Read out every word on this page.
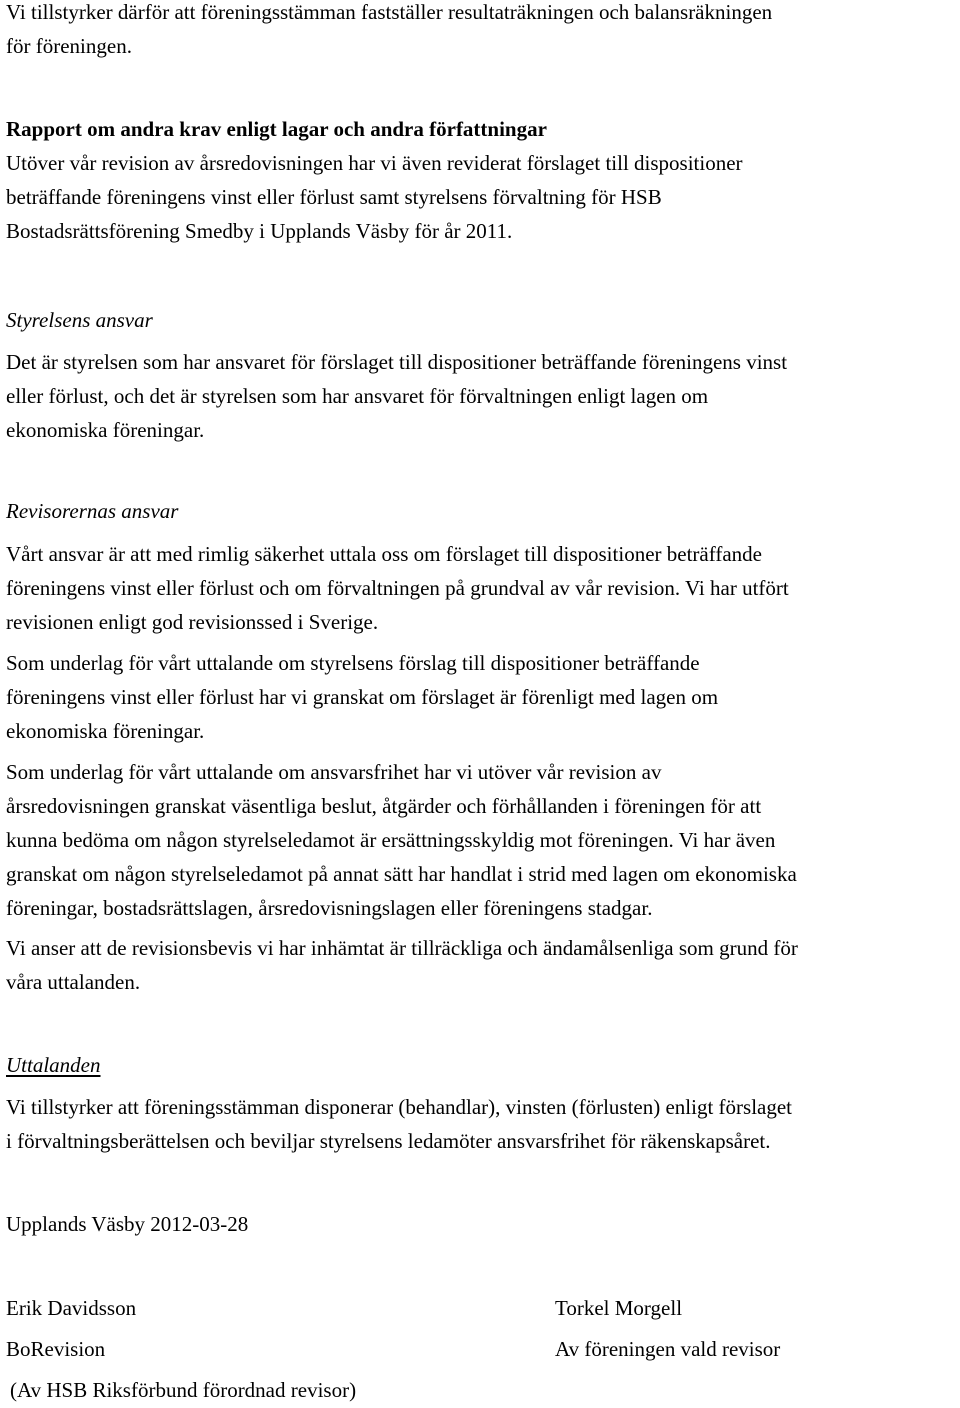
Vi tillstyrker därför att föreningsstämman fastställer resultaträkningen och balansräkningen
för föreningen.
Rapport om andra krav enligt lagar och andra författningar
Utöver vår revision av årsredovisningen har vi även reviderat förslaget till dispositioner
beträffande föreningens vinst eller förlust samt styrelsens förvaltning för HSB
Bostadsrättsförening Smedby i Upplands Väsby för år 2011.
Styrelsens ansvar
Det är styrelsen som har ansvaret för förslaget till dispositioner beträffande föreningens vinst
eller förlust, och det är styrelsen som har ansvaret för förvaltningen enligt lagen om
ekonomiska föreningar.
Revisorernas ansvar
Vårt ansvar är att med rimlig säkerhet uttala oss om förslaget till dispositioner beträffande
föreningens vinst eller förlust och om förvaltningen på grundval av vår revision. Vi har utfört
revisionen enligt god revisionssed i Sverige.
Som underlag för vårt uttalande om styrelsens förslag till dispositioner beträffande
föreningens vinst eller förlust har vi granskat om förslaget är förenligt med lagen om
ekonomiska föreningar.
Som underlag för vårt uttalande om ansvarsfrihet har vi utöver vår revision av
årsredovisningen granskat väsentliga beslut, åtgärder och förhållanden i föreningen för att
kunna bedöma om någon styrelseledamot är ersättningsskyldig mot föreningen. Vi har även
granskat om någon styrelseledamot på annat sätt har handlat i strid med lagen om ekonomiska
föreningar, bostadsrättslagen, årsredovisningslagen eller föreningens stadgar.
Vi anser att de revisionsbevis vi har inhämtat är tillräckliga och ändamålsenliga som grund för
våra uttalanden.
Uttalanden
Vi tillstyrker att föreningsstämman disponerar (behandlar), vinsten (förlusten) enligt förslaget
i förvaltningsberättelsen och beviljar styrelsens ledamöter ansvarsfrihet för räkenskapsåret.
Upplands Väsby 2012-03-28
Erik Davidsson
BoRevision
(Av HSB Riksförbund förordnad revisor)
Torkel Morgell
Av föreningen vald revisor
